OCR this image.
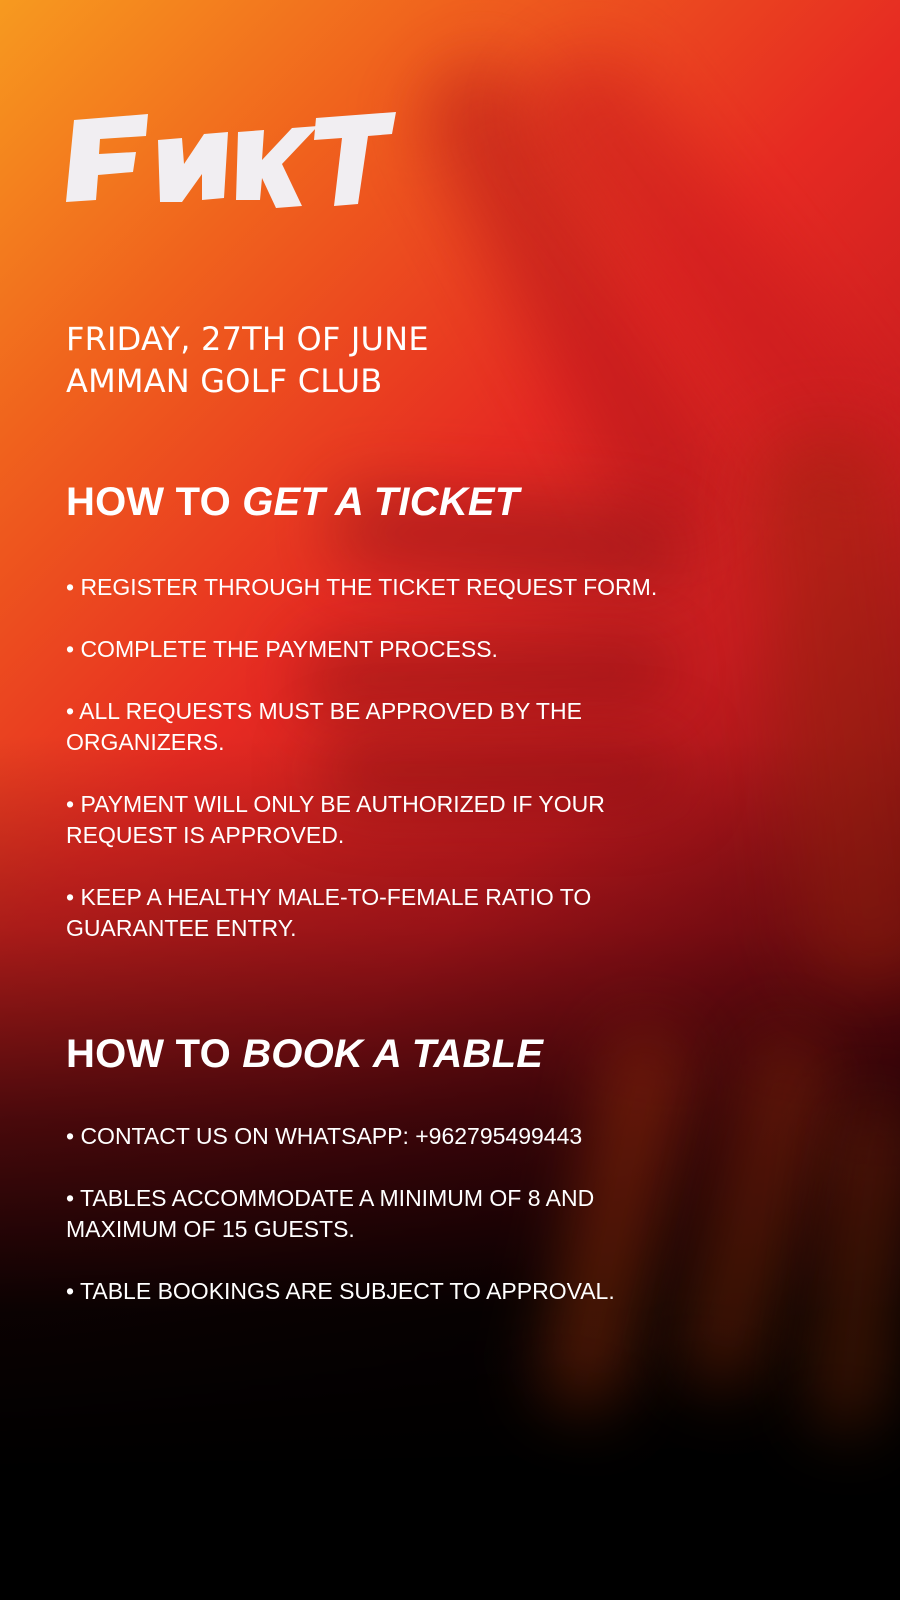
FRIDAY, 27TH OF JUNE
AMMAN GOLF CLUB
HOW TO GET A TICKET
• REGISTER THROUGH THE TICKET REQUEST FORM.
• COMPLETE THE PAYMENT PROCESS.
• ALL REQUESTS MUST BE APPROVED BY THE ORGANIZERS.
• PAYMENT WILL ONLY BE AUTHORIZED IF YOUR REQUEST IS APPROVED.
• KEEP A HEALTHY MALE-TO-FEMALE RATIO TO GUARANTEE ENTRY.
HOW TO BOOK A TABLE
• CONTACT US ON WHATSAPP: +962795499443
• TABLES ACCOMMODATE A MINIMUM OF 8 AND MAXIMUM OF 15 GUESTS.
• TABLE BOOKINGS ARE SUBJECT TO APPROVAL.
